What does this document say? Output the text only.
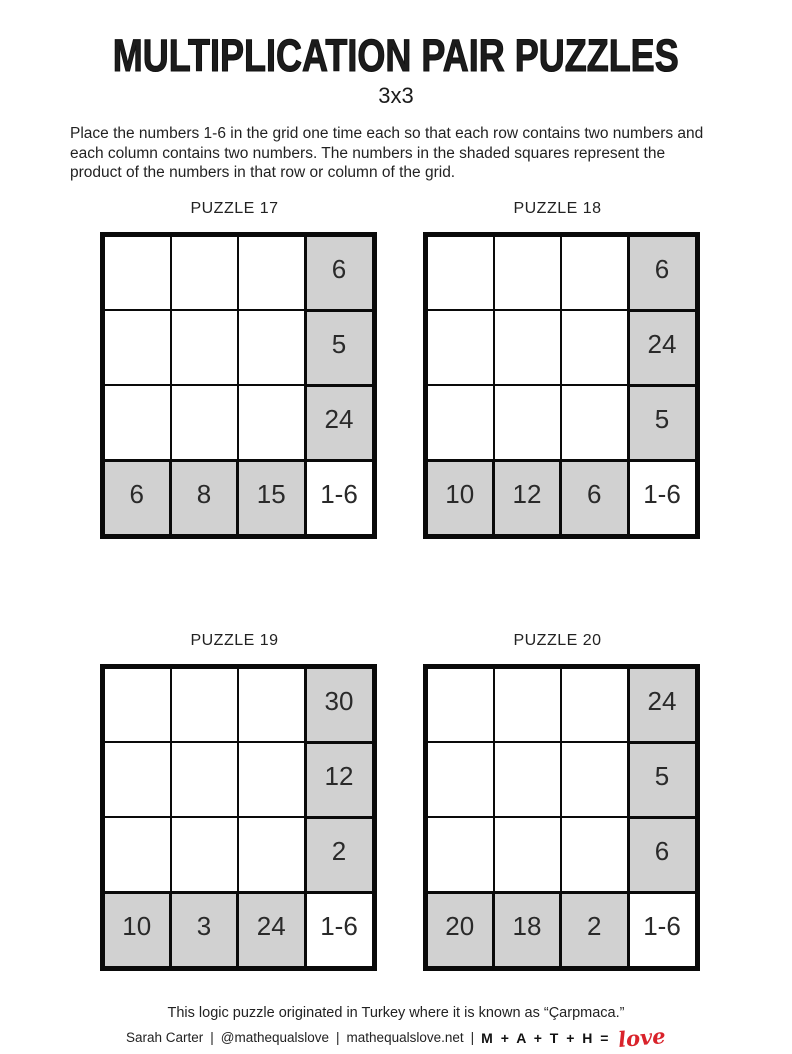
MULTIPLICATION PAIR PUZZLES
3x3
Place the numbers 1-6 in the grid one time each so that each row contains two numbers and
each column contains two numbers. The numbers in the shaded squares represent the
product of the numbers in that row or column of the grid.
PUZZLE 17
			6
			5
			24
6	8	15	1-6
PUZZLE 18
			6
			24
			5
10	12	6	1-6
PUZZLE 19
			30
			12
			2
10	3	24	1-6
PUZZLE 20
			24
			5
			6
20	18	2	1-6
This logic puzzle originated in Turkey where it is known as “Çarpmaca.”
Sarah Carter | @mathequalslove | mathequalslove.net | M + A + T + H = love
